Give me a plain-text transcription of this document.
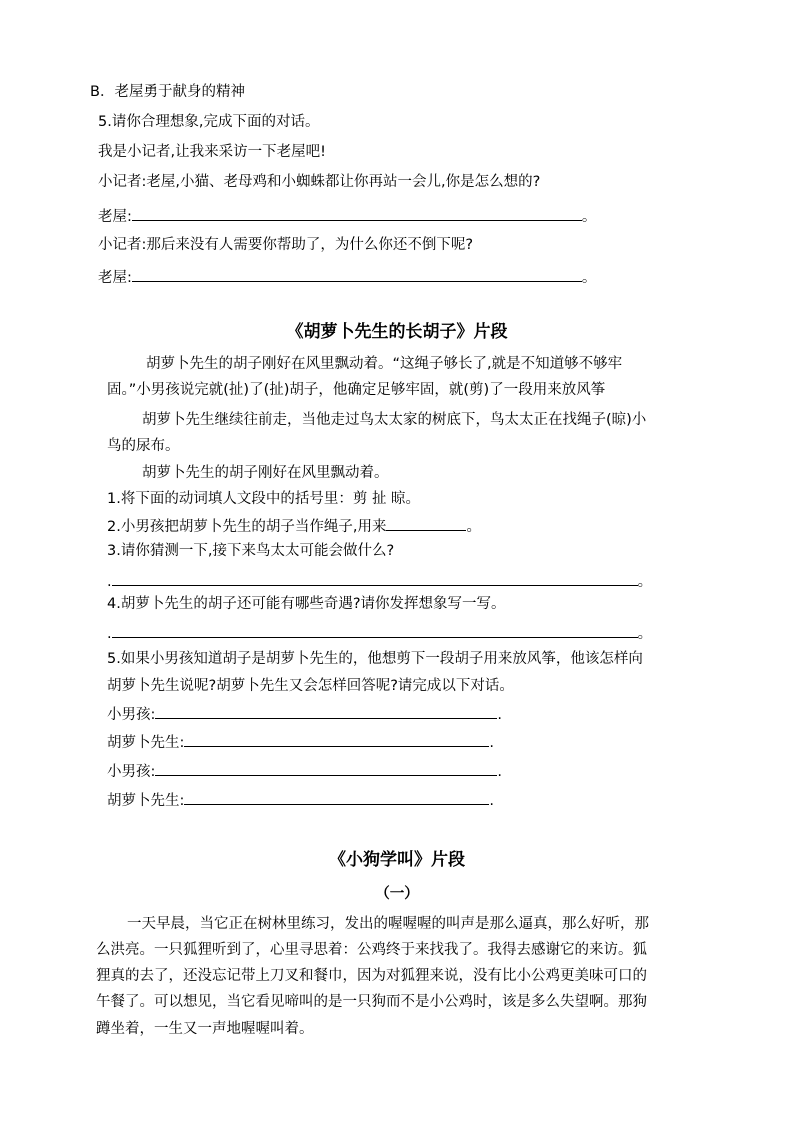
B．老屋勇于献身的精神
5.请你合理想象,完成下面的对话。
我是小记者,让我来采访一下老屋吧!
小记者:老屋,小猫、老母鸡和小蜘蛛都让你再站一会儿,你是怎么想的?
老屋:	。
小记者:那后来没有人需要你帮助了，为什么你还不倒下呢?
老屋:	。
《胡萝卜先生的长胡子》片段
胡萝卜先生的胡子刚好在风里飘动着。“这绳子够长了,就是不知道够不够牢
固。”小男孩说完就(扯)了(扯)胡子，他确定足够牢固，就(剪)了一段用来放风筝
胡萝卜先生继续往前走，当他走过鸟太太家的树底下，鸟太太正在找绳子(晾)小
鸟的尿布。
胡萝卜先生的胡子刚好在风里飘动着。
1.将下面的动词填人文段中的括号里：剪 扯 晾。
2.小男孩把胡萝卜先生的胡子当作绳子,用来	。
3.请你猜测一下,接下来鸟太太可能会做什么?
.	。
4.胡萝卜先生的胡子还可能有哪些奇遇?请你发挥想象写一写。
.	。
5.如果小男孩知道胡子是胡萝卜先生的，他想剪下一段胡子用来放风筝，他该怎样向
胡萝卜先生说呢?胡萝卜先生又会怎样回答呢?请完成以下对话。
小男孩:	.
胡萝卜先生:	.
小男孩:	.
胡萝卜先生:	.
《小狗学叫》片段
（一）
一天早晨，当它正在树林里练习，发出的喔喔喔的叫声是那么逼真，那么好听，那
么洪亮。一只狐狸听到了，心里寻思着：公鸡终于来找我了。我得去感谢它的来访。狐
狸真的去了，还没忘记带上刀叉和餐巾，因为对狐狸来说，没有比小公鸡更美味可口的
午餐了。可以想见，当它看见啼叫的是一只狗而不是小公鸡时，该是多么失望啊。那狗
蹲坐着，一生又一声地喔喔叫着。
